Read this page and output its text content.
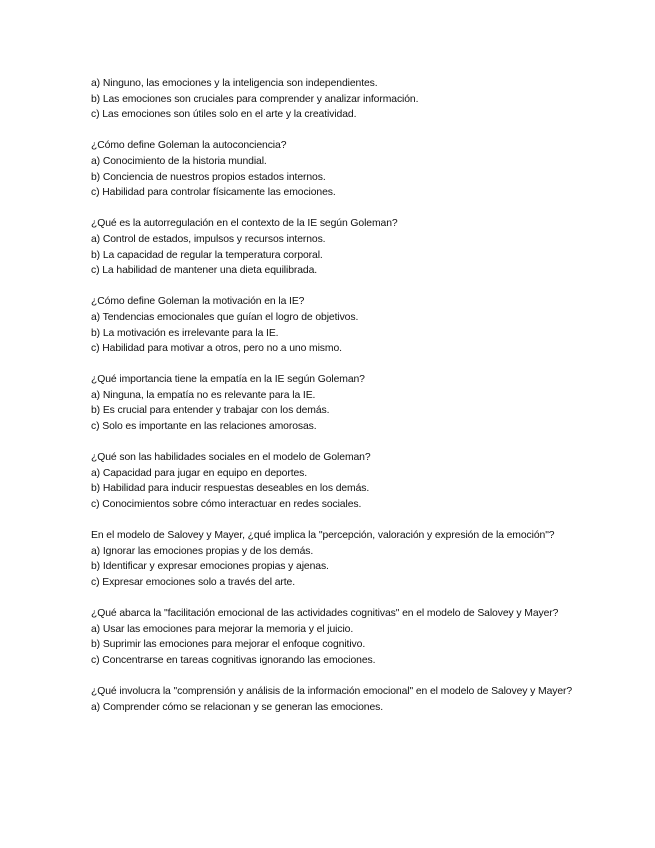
a) Ninguno, las emociones y la inteligencia son independientes.
b) Las emociones son cruciales para comprender y analizar información.
c) Las emociones son útiles solo en el arte y la creatividad.
¿Cómo define Goleman la autoconciencia?
a) Conocimiento de la historia mundial.
b) Conciencia de nuestros propios estados internos.
c) Habilidad para controlar físicamente las emociones.
¿Qué es la autorregulación en el contexto de la IE según Goleman?
a) Control de estados, impulsos y recursos internos.
b) La capacidad de regular la temperatura corporal.
c) La habilidad de mantener una dieta equilibrada.
¿Cómo define Goleman la motivación en la IE?
a) Tendencias emocionales que guían el logro de objetivos.
b) La motivación es irrelevante para la IE.
c) Habilidad para motivar a otros, pero no a uno mismo.
¿Qué importancia tiene la empatía en la IE según Goleman?
a) Ninguna, la empatía no es relevante para la IE.
b) Es crucial para entender y trabajar con los demás.
c) Solo es importante en las relaciones amorosas.
¿Qué son las habilidades sociales en el modelo de Goleman?
a) Capacidad para jugar en equipo en deportes.
b) Habilidad para inducir respuestas deseables en los demás.
c) Conocimientos sobre cómo interactuar en redes sociales.
En el modelo de Salovey y Mayer, ¿qué implica la "percepción, valoración y expresión de la emoción"?
a) Ignorar las emociones propias y de los demás.
b) Identificar y expresar emociones propias y ajenas.
c) Expresar emociones solo a través del arte.
¿Qué abarca la "facilitación emocional de las actividades cognitivas" en el modelo de Salovey y Mayer?
a) Usar las emociones para mejorar la memoria y el juicio.
b) Suprimir las emociones para mejorar el enfoque cognitivo.
c) Concentrarse en tareas cognitivas ignorando las emociones.
¿Qué involucra la "comprensión y análisis de la información emocional" en el modelo de Salovey y Mayer?
a) Comprender cómo se relacionan y se generan las emociones.
